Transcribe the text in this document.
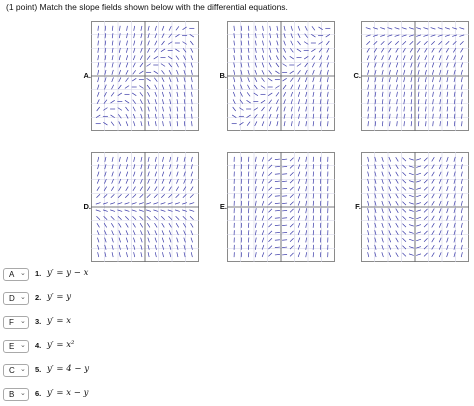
(1 point) Match the slope fields shown below with the differential equations.
A.	B.	C.
D.	E.	F.
A ⌄ 1. y′ = y − x
D ⌄ 2. y′ = y
F ⌄ 3. y′ = x
E ⌄ 4. y′ = x²
C ⌄ 5. y′ = 4 − y
B ⌄ 6. y′ = x − y
